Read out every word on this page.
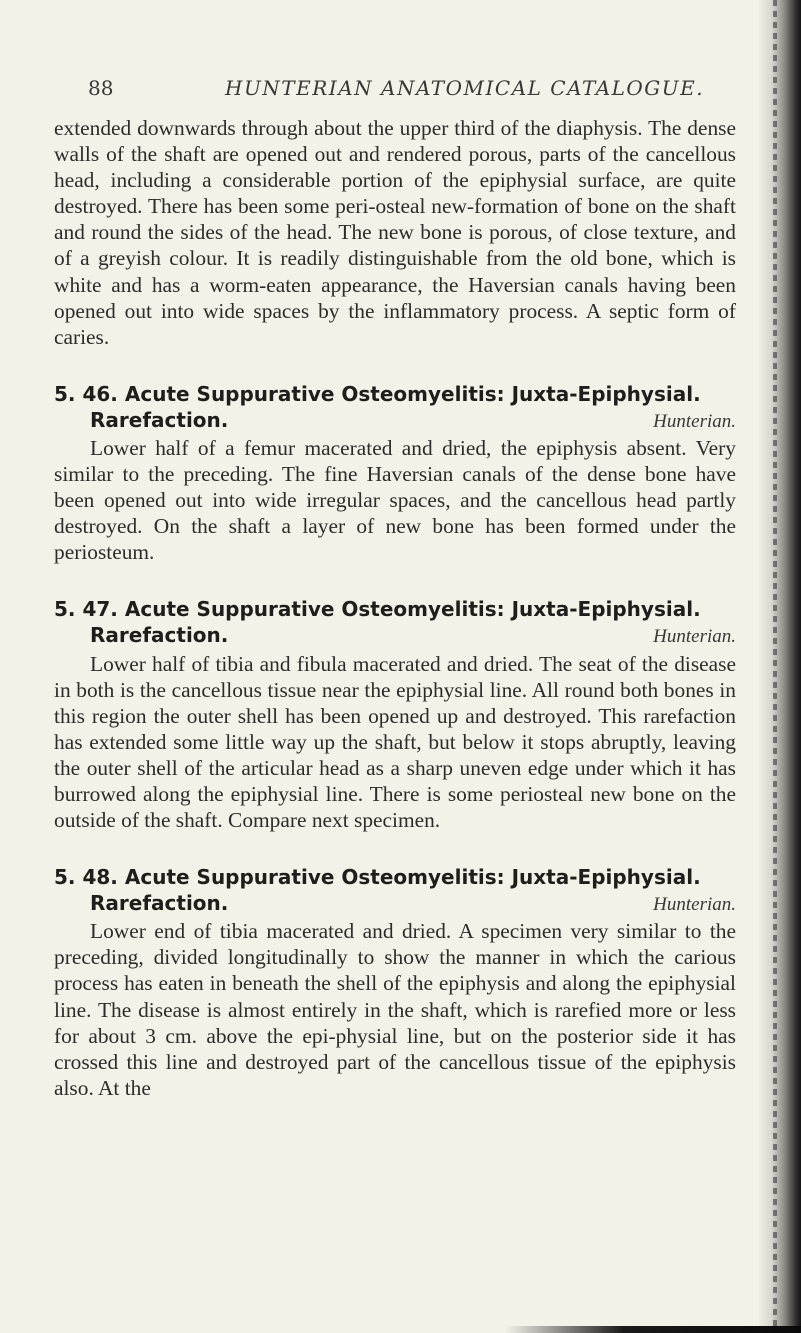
88	HUNTERIAN ANATOMICAL CATALOGUE.

extended downwards through about the upper third of the diaphysis. The dense walls of the shaft are opened out and rendered porous, parts of the cancellous head, including a considerable portion of the epiphysial surface, are quite destroyed. There has been some peri-osteal new-formation of bone on the shaft and round the sides of the head. The new bone is porous, of close texture, and of a greyish colour. It is readily distinguishable from the old bone, which is white and has a worm-eaten appearance, the Haversian canals having been opened out into wide spaces by the inflammatory process. A septic form of caries.

5. 46. Acute Suppurative Osteomyelitis: Juxta-Epiphysial.
Rarefaction.	Hunterian.

Lower half of a femur macerated and dried, the epiphysis absent. Very similar to the preceding. The fine Haversian canals of the dense bone have been opened out into wide irregular spaces, and the cancellous head partly destroyed. On the shaft a layer of new bone has been formed under the periosteum.

5. 47. Acute Suppurative Osteomyelitis: Juxta-Epiphysial.
Rarefaction.	Hunterian.

Lower half of tibia and fibula macerated and dried. The seat of the disease in both is the cancellous tissue near the epiphysial line. All round both bones in this region the outer shell has been opened up and destroyed. This rarefaction has extended some little way up the shaft, but below it stops abruptly, leaving the outer shell of the articular head as a sharp uneven edge under which it has burrowed along the epiphysial line. There is some periosteal new bone on the outside of the shaft. Compare next specimen.

5. 48. Acute Suppurative Osteomyelitis: Juxta-Epiphysial.
Rarefaction.	Hunterian.

Lower end of tibia macerated and dried. A specimen very similar to the preceding, divided longitudinally to show the manner in which the carious process has eaten in beneath the shell of the epiphysis and along the epiphysial line. The disease is almost entirely in the shaft, which is rarefied more or less for about 3 cm. above the epi-physial line, but on the posterior side it has crossed this line and destroyed part of the cancellous tissue of the epiphysis also. At the
